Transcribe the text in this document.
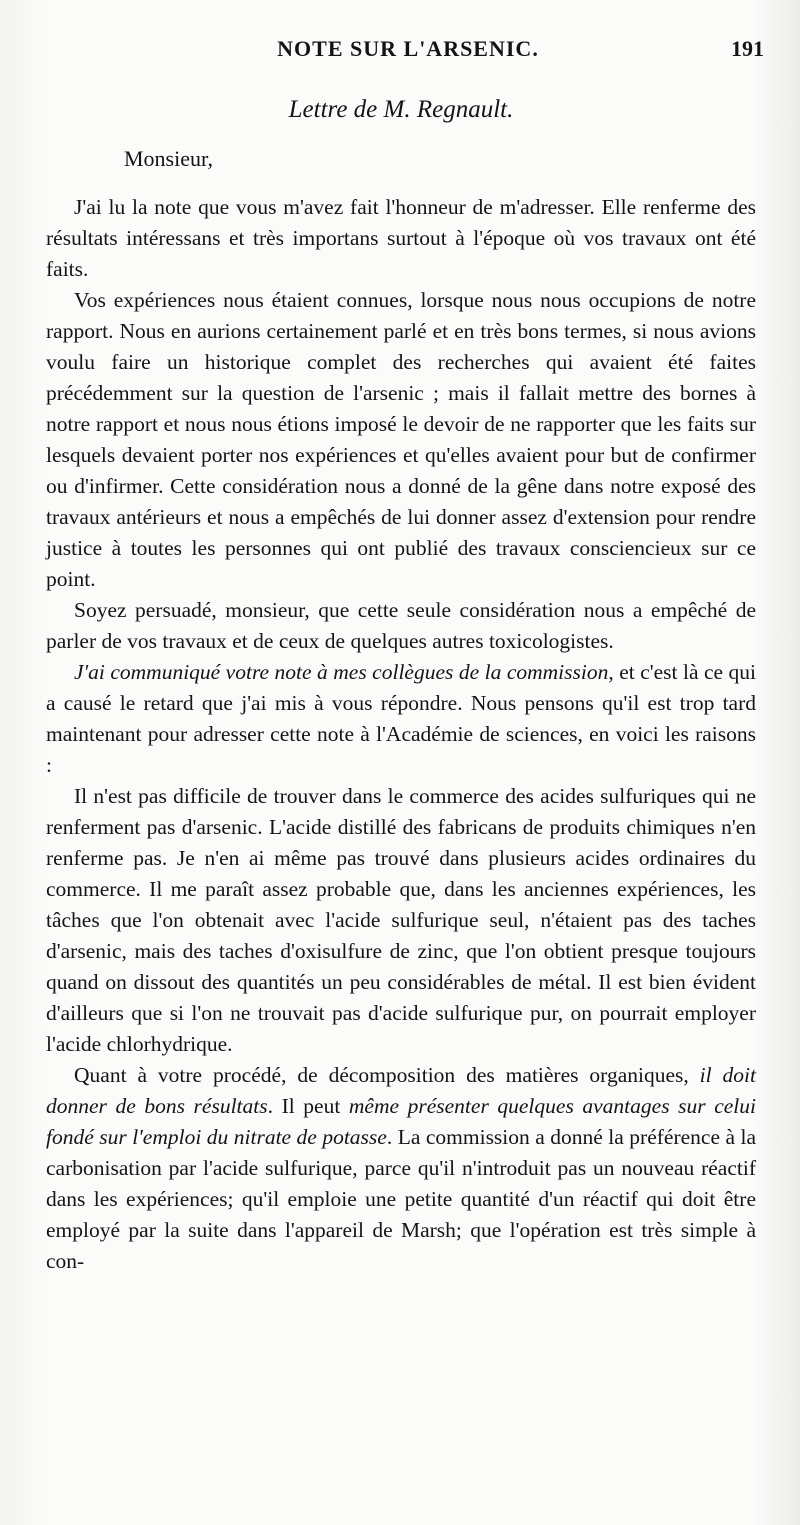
NOTE SUR L'ARSENIC.	191
Lettre de M. Regnault.
Monsieur,

J'ai lu la note que vous m'avez fait l'honneur de m'adresser. Elle renferme des résultats intéressans et très importans surtout à l'époque où vos travaux ont été faits.

Vos expériences nous étaient connues, lorsque nous nous occupions de notre rapport. Nous en aurions certainement parlé et en très bons termes, si nous avions voulu faire un historique complet des recherches qui avaient été faites précédemment sur la question de l'arsenic ; mais il fallait mettre des bornes à notre rapport et nous nous étions imposé le devoir de ne rapporter que les faits sur lesquels devaient porter nos expériences et qu'elles avaient pour but de confirmer ou d'infirmer. Cette considération nous a donné de la gêne dans notre exposé des travaux antérieurs et nous a empêchés de lui donner assez d'extension pour rendre justice à toutes les personnes qui ont publié des travaux consciencieux sur ce point.

Soyez persuadé, monsieur, que cette seule considération nous a empêché de parler de vos travaux et de ceux de quelques autres toxicologistes.

J'ai communiqué votre note à mes collègues de la commission, et c'est là ce qui a causé le retard que j'ai mis à vous répondre. Nous pensons qu'il est trop tard maintenant pour adresser cette note à l'Académie de sciences, en voici les raisons :

Il n'est pas difficile de trouver dans le commerce des acides sulfuriques qui ne renferment pas d'arsenic. L'acide distillé des fabricans de produits chimiques n'en renferme pas. Je n'en ai même pas trouvé dans plusieurs acides ordinaires du commerce. Il me paraît assez probable que, dans les anciennes expériences, les tâches que l'on obtenait avec l'acide sulfurique seul, n'étaient pas des taches d'arsenic, mais des taches d'oxisulfure de zinc, que l'on obtient presque toujours quand on dissout des quantités un peu considérables de métal. Il est bien évident d'ailleurs que si l'on ne trouvait pas d'acide sulfurique pur, on pourrait employer l'acide chlorhydrique.

Quant à votre procédé, de décomposition des matières organiques, il doit donner de bons résultats. Il peut même présenter quelques avantages sur celui fondé sur l'emploi du nitrate de potasse. La commission a donné la préférence à la carbonisation par l'acide sulfurique, parce qu'il n'introduit pas un nouveau réactif dans les expériences; qu'il emploie une petite quantité d'un réactif qui doit être employé par la suite dans l'appareil de Marsh; que l'opération est très simple à con-
